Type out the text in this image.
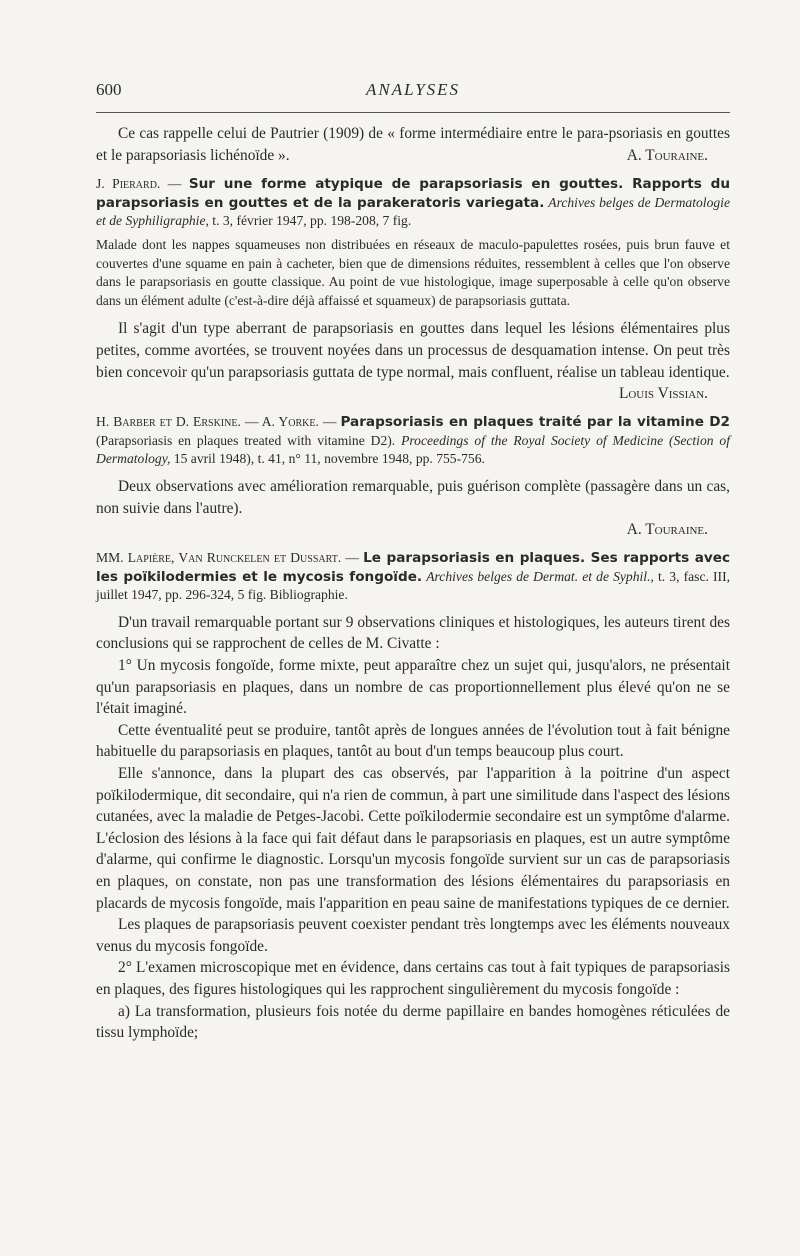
600	ANALYSES

Ce cas rappelle celui de Pautrier (1909) de « forme intermédiaire entre le para-psoriasis en gouttes et le parapsoriasis lichénoïde ».	A. Touraine.

J. Pierard. — Sur une forme atypique de parapsoriasis en gouttes. Rapports du parapsoriasis en gouttes et de la parakeratoris variegata. Archives belges de Dermatologie et de Syphiligraphie, t. 3, février 1947, pp. 198-208, 7 fig.

Malade dont les nappes squameuses non distribuées en réseaux de maculo-papulettes rosées, puis brun fauve et couvertes d'une squame en pain à cacheter, bien que de dimensions réduites, ressemblent à celles que l'on observe dans le parapsoriasis en goutte classique. Au point de vue histologique, image superposable à celle qu'on observe dans un élément adulte (c'est-à-dire déjà affaissé et squameux) de parapsoriasis guttata.

Il s'agit d'un type aberrant de parapsoriasis en gouttes dans lequel les lésions élémentaires plus petites, comme avortées, se trouvent noyées dans un processus de desquamation intense. On peut très bien concevoir qu'un parapsoriasis guttata de type normal, mais confluent, réalise un tableau identique.

Louis Vissian.

H. Barber et D. Erskine. — A. Yorke. — Parapsoriasis en plaques traité par la vitamine D2 (Parapsoriasis en plaques treated with vitamine D2). Proceedings of the Royal Society of Medicine (Section of Dermatology, 15 avril 1948), t. 41, n° 11, novembre 1948, pp. 755-756.

Deux observations avec amélioration remarquable, puis guérison complète (passagère dans un cas, non suivie dans l'autre).

A. Touraine.

MM. Lapière, Van Runckelen et Dussart. — Le parapsoriasis en plaques. Ses rapports avec les poïkilodermies et le mycosis fongoïde. Archives belges de Dermat. et de Syphil., t. 3, fasc. III, juillet 1947, pp. 296-324, 5 fig. Bibliographie.

D'un travail remarquable portant sur 9 observations cliniques et histologiques, les auteurs tirent des conclusions qui se rapprochent de celles de M. Civatte :

1° Un mycosis fongoïde, forme mixte, peut apparaître chez un sujet qui, jusqu'alors, ne présentait qu'un parapsoriasis en plaques, dans un nombre de cas proportionnellement plus élevé qu'on ne se l'était imaginé.

Cette éventualité peut se produire, tantôt après de longues années de l'évolution tout à fait bénigne habituelle du parapsoriasis en plaques, tantôt au bout d'un temps beaucoup plus court.

Elle s'annonce, dans la plupart des cas observés, par l'apparition à la poitrine d'un aspect poïkilodermique, dit secondaire, qui n'a rien de commun, à part une similitude dans l'aspect des lésions cutanées, avec la maladie de Petges-Jacobi. Cette poïkilodermie secondaire est un symptôme d'alarme. L'éclosion des lésions à la face qui fait défaut dans le parapsoriasis en plaques, est un autre symptôme d'alarme, qui confirme le diagnostic. Lorsqu'un mycosis fongoïde survient sur un cas de parapsoriasis en plaques, on constate, non pas une transformation des lésions élémentaires du parapsoriasis en placards de mycosis fongoïde, mais l'apparition en peau saine de manifestations typiques de ce dernier.

Les plaques de parapsoriasis peuvent coexister pendant très longtemps avec les éléments nouveaux venus du mycosis fongoïde.

2° L'examen microscopique met en évidence, dans certains cas tout à fait typiques de parapsoriasis en plaques, des figures histologiques qui les rapprochent singulièrement du mycosis fongoïde :

a) La transformation, plusieurs fois notée du derme papillaire en bandes homogènes réticulées de tissu lymphoïde;
